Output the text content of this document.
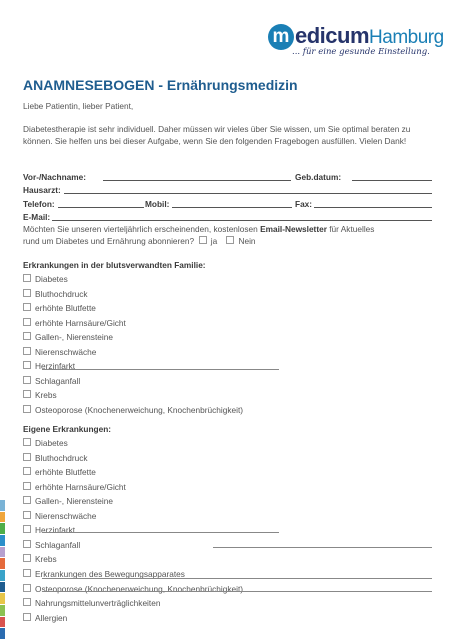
m edicumHamburg
... für eine gesunde Einstellung.
ANAMNESEBOGEN - Ernährungsmedizin
Liebe Patientin, lieber Patient,
Diabetestherapie ist sehr individuell. Daher müssen wir vieles über Sie wissen, um Sie optimal beraten zu können. Sie helfen uns bei dieser Aufgabe, wenn Sie den folgenden Fragebogen ausfüllen. Vielen Dank!
Vor-/Nachname:	Geb.datum:
Hausarzt:
Telefon:	Mobil:	Fax:
E-Mail:
Möchten Sie unseren vierteljährlich erscheinenden, kostenlosen Email-Newsletter für Aktuelles
rund um Diabetes und Ernährung abonnieren? ja	Nein
Erkrankungen in der blutsverwandten Familie:
Diabetes
Bluthochdruck
erhöhte Blutfette
erhöhte Harnsäure/Gicht
Gallen-, Nierensteine
Nierenschwäche
Herzinfarkt
Schlaganfall
Krebs
Osteoporose (Knochenerweichung, Knochenbrüchigkeit)
Eigene Erkrankungen:
Diabetes
Bluthochdruck
erhöhte Blutfette
erhöhte Harnsäure/Gicht
Gallen-, Nierensteine
Nierenschwäche
Herzinfarkt
Schlaganfall
Krebs
Erkrankungen des Bewegungsapparates
Osteoporose (Knochenerweichung, Knochenbrüchigkeit)
Nahrungsmittelunverträglichkeiten
Allergien
